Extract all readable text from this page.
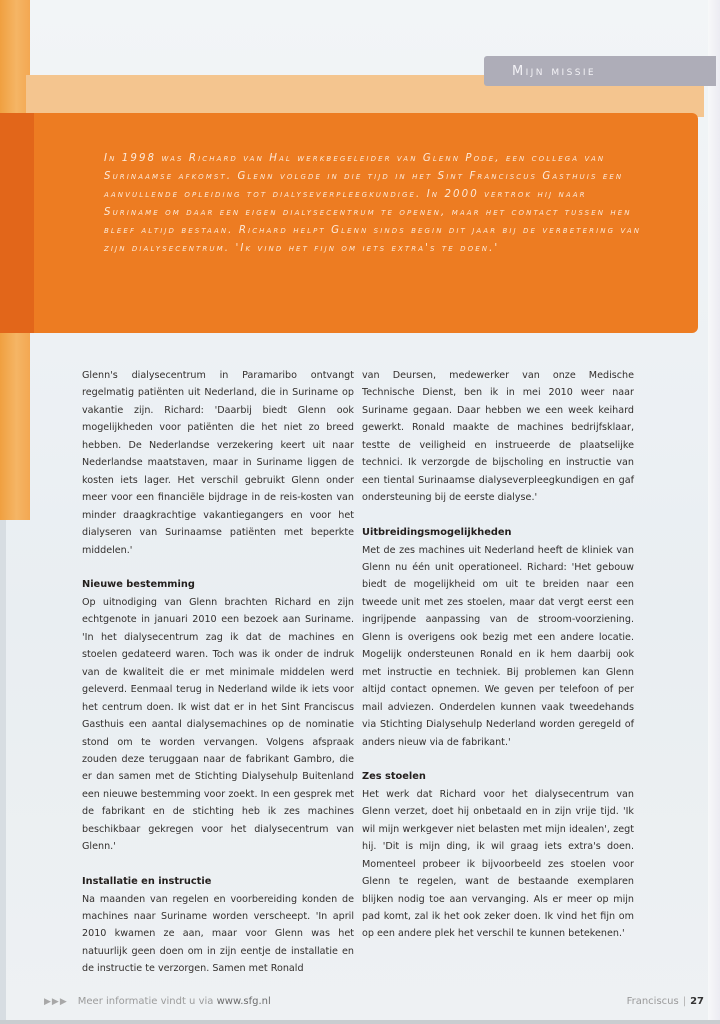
Mijn missie

In 1998 was Richard van Hal werkbegeleider van Glenn Pode, een collega van Surinaamse afkomst. Glenn volgde in die tijd in het Sint Franciscus Gasthuis een aanvullende opleiding tot dialyseverpleegkundige. In 2000 vertrok hij naar Suriname om daar een eigen dialysecentrum te openen, maar het contact tussen hen bleef altijd bestaan. Richard helpt Glenn sinds begin dit jaar bij de verbetering van zijn dialysecentrum. 'Ik vind het fijn om iets extra's te doen.'

Glenn's dialysecentrum in Paramaribo ontvangt regelmatig patiënten uit Nederland, die in Suriname op vakantie zijn. Richard: 'Daarbij biedt Glenn ook mogelijkheden voor patiënten die het niet zo breed hebben. De Nederlandse verzekering keert uit naar Nederlandse maatstaven, maar in Suriname liggen de kosten iets lager. Het verschil gebruikt Glenn onder meer voor een financiële bijdrage in de reis-kosten van minder draagkrachtige vakantiegangers en voor het dialyseren van Surinaamse patiënten met beperkte middelen.'

Nieuwe bestemming

Op uitnodiging van Glenn brachten Richard en zijn echtgenote in januari 2010 een bezoek aan Suriname. 'In het dialysecentrum zag ik dat de machines en stoelen gedateerd waren. Toch was ik onder de indruk van de kwaliteit die er met minimale middelen werd geleverd. Eenmaal terug in Nederland wilde ik iets voor het centrum doen. Ik wist dat er in het Sint Franciscus Gasthuis een aantal dialysemachines op de nominatie stond om te worden vervangen. Volgens afspraak zouden deze teruggaan naar de fabrikant Gambro, die er dan samen met de Stichting Dialysehulp Buitenland een nieuwe bestemming voor zoekt. In een gesprek met de fabrikant en de stichting heb ik zes machines beschikbaar gekregen voor het dialysecentrum van Glenn.'

Installatie en instructie

Na maanden van regelen en voorbereiding konden de machines naar Suriname worden verscheept. 'In april 2010 kwamen ze aan, maar voor Glenn was het natuurlijk geen doen om in zijn eentje de installatie en de instructie te verzorgen. Samen met Ronald

van Deursen, medewerker van onze Medische Technische Dienst, ben ik in mei 2010 weer naar Suriname gegaan. Daar hebben we een week keihard gewerkt. Ronald maakte de machines bedrijfsklaar, testte de veiligheid en instrueerde de plaatselijke technici. Ik verzorgde de bijscholing en instructie van een tiental Surinaamse dialyseverpleegkundigen en gaf ondersteuning bij de eerste dialyse.'

Uitbreidingsmogelijkheden

Met de zes machines uit Nederland heeft de kliniek van Glenn nu één unit operationeel. Richard: 'Het gebouw biedt de mogelijkheid om uit te breiden naar een tweede unit met zes stoelen, maar dat vergt eerst een ingrijpende aanpassing van de stroom-voorziening. Glenn is overigens ook bezig met een andere locatie. Mogelijk ondersteunen Ronald en ik hem daarbij ook met instructie en techniek. Bij problemen kan Glenn altijd contact opnemen. We geven per telefoon of per mail adviezen. Onderdelen kunnen vaak tweedehands via Stichting Dialysehulp Nederland worden geregeld of anders nieuw via de fabrikant.'

Zes stoelen

Het werk dat Richard voor het dialysecentrum van Glenn verzet, doet hij onbetaald en in zijn vrije tijd. 'Ik wil mijn werkgever niet belasten met mijn idealen', zegt hij. 'Dit is mijn ding, ik wil graag iets extra's doen. Momenteel probeer ik bijvoorbeeld zes stoelen voor Glenn te regelen, want de bestaande exemplaren blijken nodig toe aan vervanging. Als er meer op mijn pad komt, zal ik het ook zeker doen. Ik vind het fijn om op een andere plek het verschil te kunnen betekenen.'

▶▶▶ Meer informatie vindt u via www.sfg.nl	Franciscus | 27
